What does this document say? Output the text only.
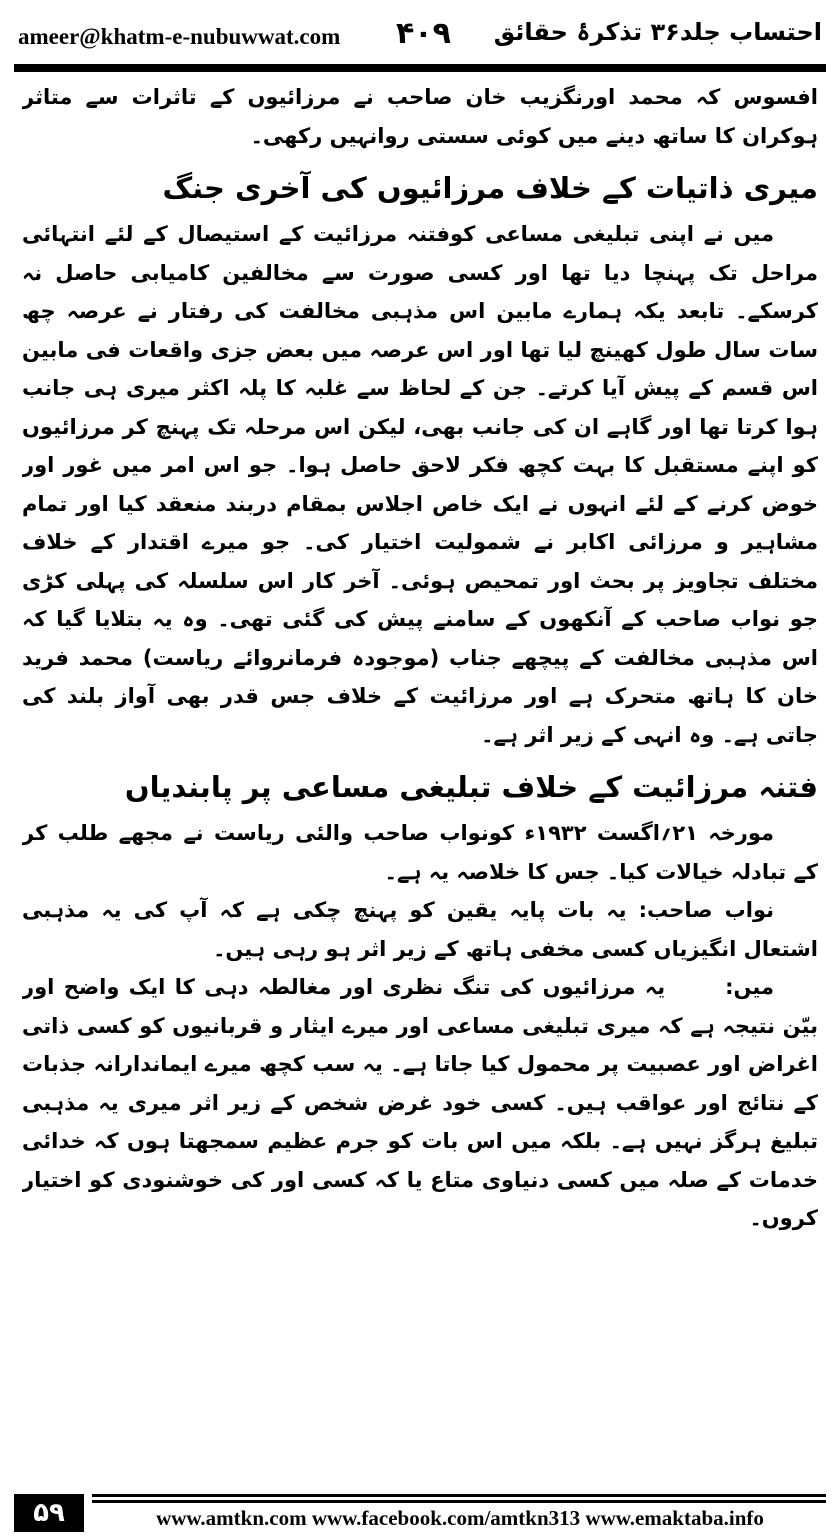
ameer@khatm-e-nubuwwat.com ۴۰۹ احتساب جلد۳۶ تذکرۂ حقائق

افسوس کہ محمد اورنگزیب خان صاحب نے مرزائیوں کے تاثرات سے متاثر ہوکران کا ساتھ دینے میں کوئی سستی روانہیں رکھی۔

میری ذاتیات کے خلاف مرزائیوں کی آخری جنگ

میں نے اپنی تبلیغی مساعی کوفتنہ مرزائیت کے استیصال کے لئے انتہائی مراحل تک پہنچا دیا تھا اور کسی صورت سے مخالفین کامیابی حاصل نہ کرسکے۔ تابعد یکہ ہمارے مابین اس مذہبی مخالفت کی رفتار نے عرصہ چھ سات سال طول کھینچ لیا تھا اور اس عرصہ میں بعض جزی واقعات فی مابین اس قسم کے پیش آیا کرتے۔ جن کے لحاظ سے غلبہ کا پلہ اکثر میری ہی جانب ہوا کرتا تھا اور گاہے ان کی جانب بھی، لیکن اس مرحلہ تک پہنچ کر مرزائیوں کو اپنے مستقبل کا بہت کچھ فکر لاحق حاصل ہوا۔ جو اس امر میں غور اور خوض کرنے کے لئے انہوں نے ایک خاص اجلاس بمقام دربند منعقد کیا اور تمام مشاہیر و مرزائی اکابر نے شمولیت اختیار کی۔ جو میرے اقتدار کے خلاف مختلف تجاویز پر بحث اور تمحیص ہوئی۔ آخر کار اس سلسلہ کی پہلی کڑی جو نواب صاحب کے آنکھوں کے سامنے پیش کی گئی تھی۔ وہ یہ بتلایا گیا کہ اس مذہبی مخالفت کے پیچھے جناب (موجودہ فرمانروائے ریاست) محمد فرید خان کا ہاتھ متحرک ہے اور مرزائیت کے خلاف جس قدر بھی آواز بلند کی جاتی ہے۔ وہ انہی کے زیر اثر ہے۔

فتنہ مرزائیت کے خلاف تبلیغی مساعی پر پابندیاں

مورخہ ۲۱؍اگست ۱۹۳۲ء کونواب صاحب والئی ریاست نے مجھے طلب کر کے تبادلہ خیالات کیا۔ جس کا خلاصہ یہ ہے۔

نواب صاحب: یہ بات پایہ یقین کو پہنچ چکی ہے کہ آپ کی یہ مذہبی اشتعال انگیزیاں کسی مخفی ہاتھ کے زیر اثر ہو رہی ہیں۔

میں:یہ مرزائیوں کی تنگ نظری اور مغالطہ دہی کا ایک واضح اور بیّن نتیجہ ہے کہ میری تبلیغی مساعی اور میرے ایثار و قربانیوں کو کسی ذاتی اغراض اور عصبیت پر محمول کیا جاتا ہے۔ یہ سب کچھ میرے ایماندارانہ جذبات کے نتائج اور عواقب ہیں۔ کسی خود غرض شخص کے زیر اثر میری یہ مذہبی تبلیغ ہرگز نہیں ہے۔ بلکہ میں اس بات کو جرم عظیم سمجھتا ہوں کہ خدائی خدمات کے صلہ میں کسی دنیاوی متاع یا کہ کسی اور کی خوشنودی کو اختیار کروں۔

۵۹	www.amtkn.com www.facebook.com/amtkn313 www.emaktaba.info
